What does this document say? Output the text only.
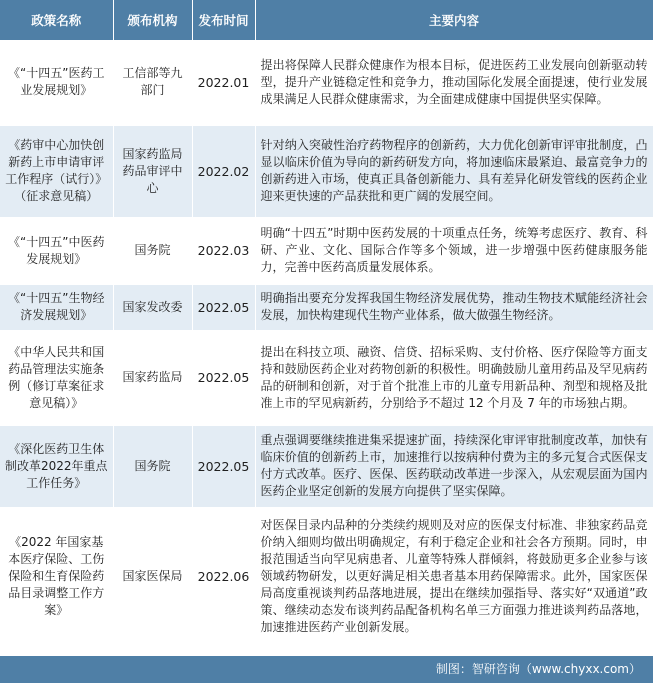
政策名称	颁布机构	发布时间	主要内容
《“十四五”医药工业发展规划》	工信部等九部门	2022.01	提出将保障人民群众健康作为根本目标，促进医药工业发展向创新驱动转型，提升产业链稳定性和竞争力，推动国际化发展全面提速，使行业发展成果满足人民群众健康需求，为全面建成健康中国提供坚实保障。
《药审中心加快创新药上市申请审评工作程序（试行）》（征求意见稿）	国家药监局药品审评中心	2022.02	针对纳入突破性治疗药物程序的创新药，大力优化创新审评审批制度，凸显以临床价值为导向的新药研发方向，将加速临床最紧迫、最富竞争力的创新药进入市场，使真正具备创新能力、具有差异化研发管线的医药企业迎来更快速的产品获批和更广阔的发展空间。
《“十四五”中医药发展规划》	国务院	2022.03	明确“十四五”时期中医药发展的十项重点任务，统筹考虑医疗、教育、科研、产业、文化、国际合作等多个领域，进一步增强中医药健康服务能力，完善中医药高质量发展体系。
《“十四五”生物经济发展规划》	国家发改委	2022.05	明确指出要充分发挥我国生物经济发展优势，推动生物技术赋能经济社会发展，加快构建现代生物产业体系，做大做强生物经济。
《中华人民共和国药品管理法实施条例（修订草案征求意见稿）》	国家药监局	2022.05	提出在科技立项、融资、信贷、招标采购、支付价格、医疗保险等方面支持和鼓励医药企业对药物创新的积极性。明确鼓励儿童用药品及罕见病药品的研制和创新，对于首个批准上市的儿童专用新品种、剂型和规格及批准上市的罕见病新药，分别给予不超过 12 个月及 7 年的市场独占期。
《深化医药卫生体制改革2022年重点工作任务》	国务院	2022.05	重点强调要继续推进集采提速扩面，持续深化审评审批制度改革，加快有临床价值的创新药上市，加速推行以按病种付费为主的多元复合式医保支付方式改革。医疗、医保、医药联动改革进一步深入，从宏观层面为国内医药企业坚定创新的发展方向提供了坚实保障。
《2022 年国家基本医疗保险、工伤保险和生育保险药品目录调整工作方案》	国家医保局	2022.06	对医保目录内品种的分类续约规则及对应的医保支付标准、非独家药品竞价纳入细则均做出明确规定，有利于稳定企业和社会各方预期。同时，申报范围适当向罕见病患者、儿童等特殊人群倾斜，将鼓励更多企业参与该领域药物研发，以更好满足相关患者基本用药保障需求。此外，国家医保局高度重视谈判药品落地进展，提出在继续加强指导、落实好“双通道”政策、继续动态发布谈判药品配备机构名单三方面强力推进谈判药品落地，加速推进医药产业创新发展。
制图：智研咨询（www.chyxx.com）
